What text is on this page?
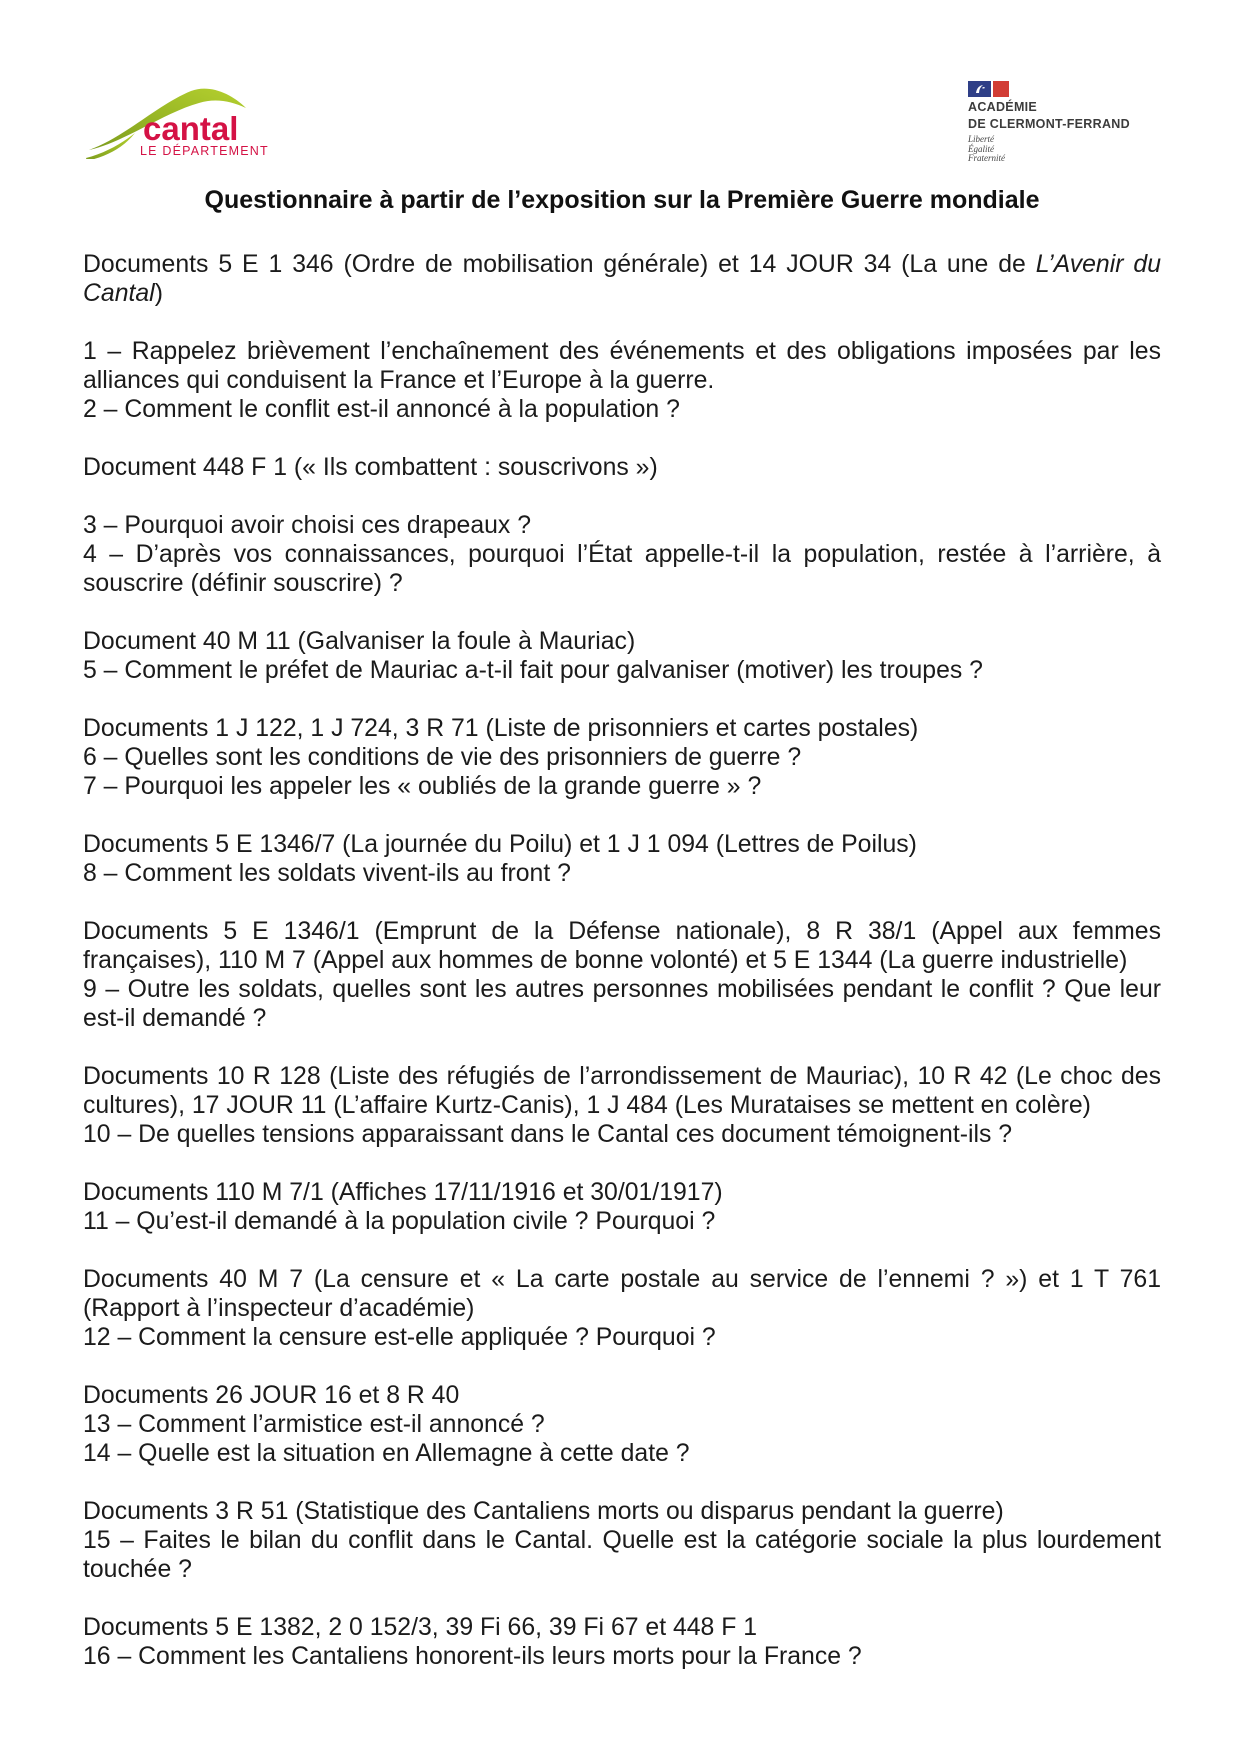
cantal
LE DÉPARTEMENT
ACADÉMIE
DE CLERMONT-FERRAND
Liberté
Égalité
Fraternité
Questionnaire à partir de l’exposition sur la Première Guerre mondiale

Documents 5 E 1 346 (Ordre de mobilisation générale) et 14 JOUR 34 (La une de L’Avenir du Cantal)

1 – Rappelez brièvement l’enchaînement des événements et des obligations imposées par les alliances qui conduisent la France et l’Europe à la guerre.

2 – Comment le conflit est-il annoncé à la population ?

Document 448 F 1 (« Ils combattent : souscrivons »)

3 – Pourquoi avoir choisi ces drapeaux ?

4 – D’après vos connaissances, pourquoi l’État appelle-t-il la population, restée à l’arrière, à souscrire (définir souscrire) ?

Document 40 M 11 (Galvaniser la foule à Mauriac)

5 – Comment le préfet de Mauriac a-t-il fait pour galvaniser (motiver) les troupes ?

Documents 1 J 122, 1 J 724, 3 R 71 (Liste de prisonniers et cartes postales)

6 – Quelles sont les conditions de vie des prisonniers de guerre ?

7 – Pourquoi les appeler les « oubliés de la grande guerre » ?

Documents 5 E 1346/7 (La journée du Poilu) et 1 J 1 094 (Lettres de Poilus)

8 – Comment les soldats vivent-ils au front ?

Documents 5 E 1346/1 (Emprunt de la Défense nationale), 8 R 38/1 (Appel aux femmes françaises), 110 M 7 (Appel aux hommes de bonne volonté) et 5 E 1344 (La guerre industrielle)

9 – Outre les soldats, quelles sont les autres personnes mobilisées pendant le conflit ? Que leur est-il demandé ?

Documents 10 R 128 (Liste des réfugiés de l’arrondissement de Mauriac), 10 R 42 (Le choc des cultures), 17 JOUR 11 (L’affaire Kurtz-Canis), 1 J 484 (Les Murataises se mettent en colère)

10 – De quelles tensions apparaissant dans le Cantal ces document témoignent-ils ?

Documents 110 M 7/1 (Affiches 17/11/1916 et 30/01/1917)

11 – Qu’est-il demandé à la population civile ? Pourquoi ?

Documents 40 M 7 (La censure et « La carte postale au service de l’ennemi ? ») et 1 T 761 (Rapport à l’inspecteur d’académie)

12 – Comment la censure est-elle appliquée ? Pourquoi ?

Documents 26 JOUR 16 et 8 R 40

13 – Comment l’armistice est-il annoncé ?

14 – Quelle est la situation en Allemagne à cette date ?

Documents 3 R 51 (Statistique des Cantaliens morts ou disparus pendant la guerre)

15 – Faites le bilan du conflit dans le Cantal. Quelle est la catégorie sociale la plus lourdement touchée ?

Documents 5 E 1382, 2 0 152/3, 39 Fi 66, 39 Fi 67 et 448 F 1

16 – Comment les Cantaliens honorent-ils leurs morts pour la France ?
